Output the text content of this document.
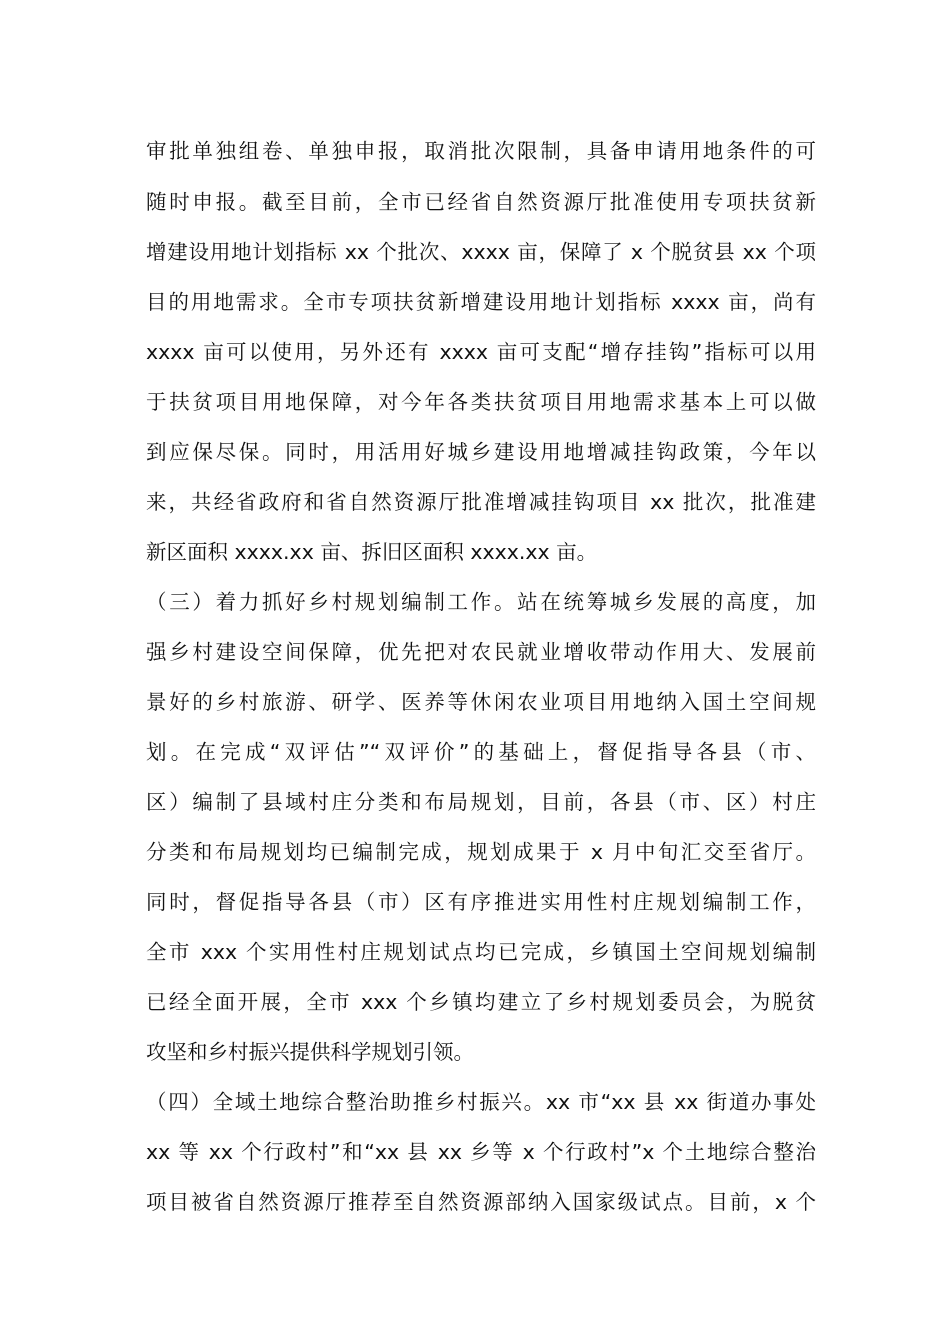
审批单独组卷、单独申报，取消批次限制，具备申请用地条件的可
随时申报。截至目前，全市已经省自然资源厅批准使用专项扶贫新
增建设用地计划指标 xx 个批次、xxxx 亩，保障了 x 个脱贫县 xx 个项
目的用地需求。全市专项扶贫新增建设用地计划指标 xxxx 亩，尚有
xxxx 亩可以使用，另外还有 xxxx 亩可支配“增存挂钩”指标可以用
于扶贫项目用地保障，对今年各类扶贫项目用地需求基本上可以做
到应保尽保。同时，用活用好城乡建设用地增减挂钩政策，今年以
来，共经省政府和省自然资源厅批准增减挂钩项目 xx 批次，批准建
新区面积 xxxx.xx 亩、拆旧区面积 xxxx.xx 亩。
（三）着力抓好乡村规划编制工作。站在统筹城乡发展的高度，加
强乡村建设空间保障，优先把对农民就业增收带动作用大、发展前
景好的乡村旅游、研学、医养等休闲农业项目用地纳入国土空间规
划。在完成“双评估”“双评价”的基础上，督促指导各县（市、
区）编制了县域村庄分类和布局规划，目前，各县（市、区）村庄
分类和布局规划均已编制完成，规划成果于 x 月中旬汇交至省厅。
同时，督促指导各县（市）区有序推进实用性村庄规划编制工作，
全市 xxx 个实用性村庄规划试点均已完成，乡镇国土空间规划编制
已经全面开展，全市 xxx 个乡镇均建立了乡村规划委员会，为脱贫
攻坚和乡村振兴提供科学规划引领。
（四）全域土地综合整治助推乡村振兴。xx 市“xx 县 xx 街道办事处
xx 等 xx 个行政村”和“xx 县 xx 乡等 x 个行政村”x 个土地综合整治
项目被省自然资源厅推荐至自然资源部纳入国家级试点。目前，x 个
